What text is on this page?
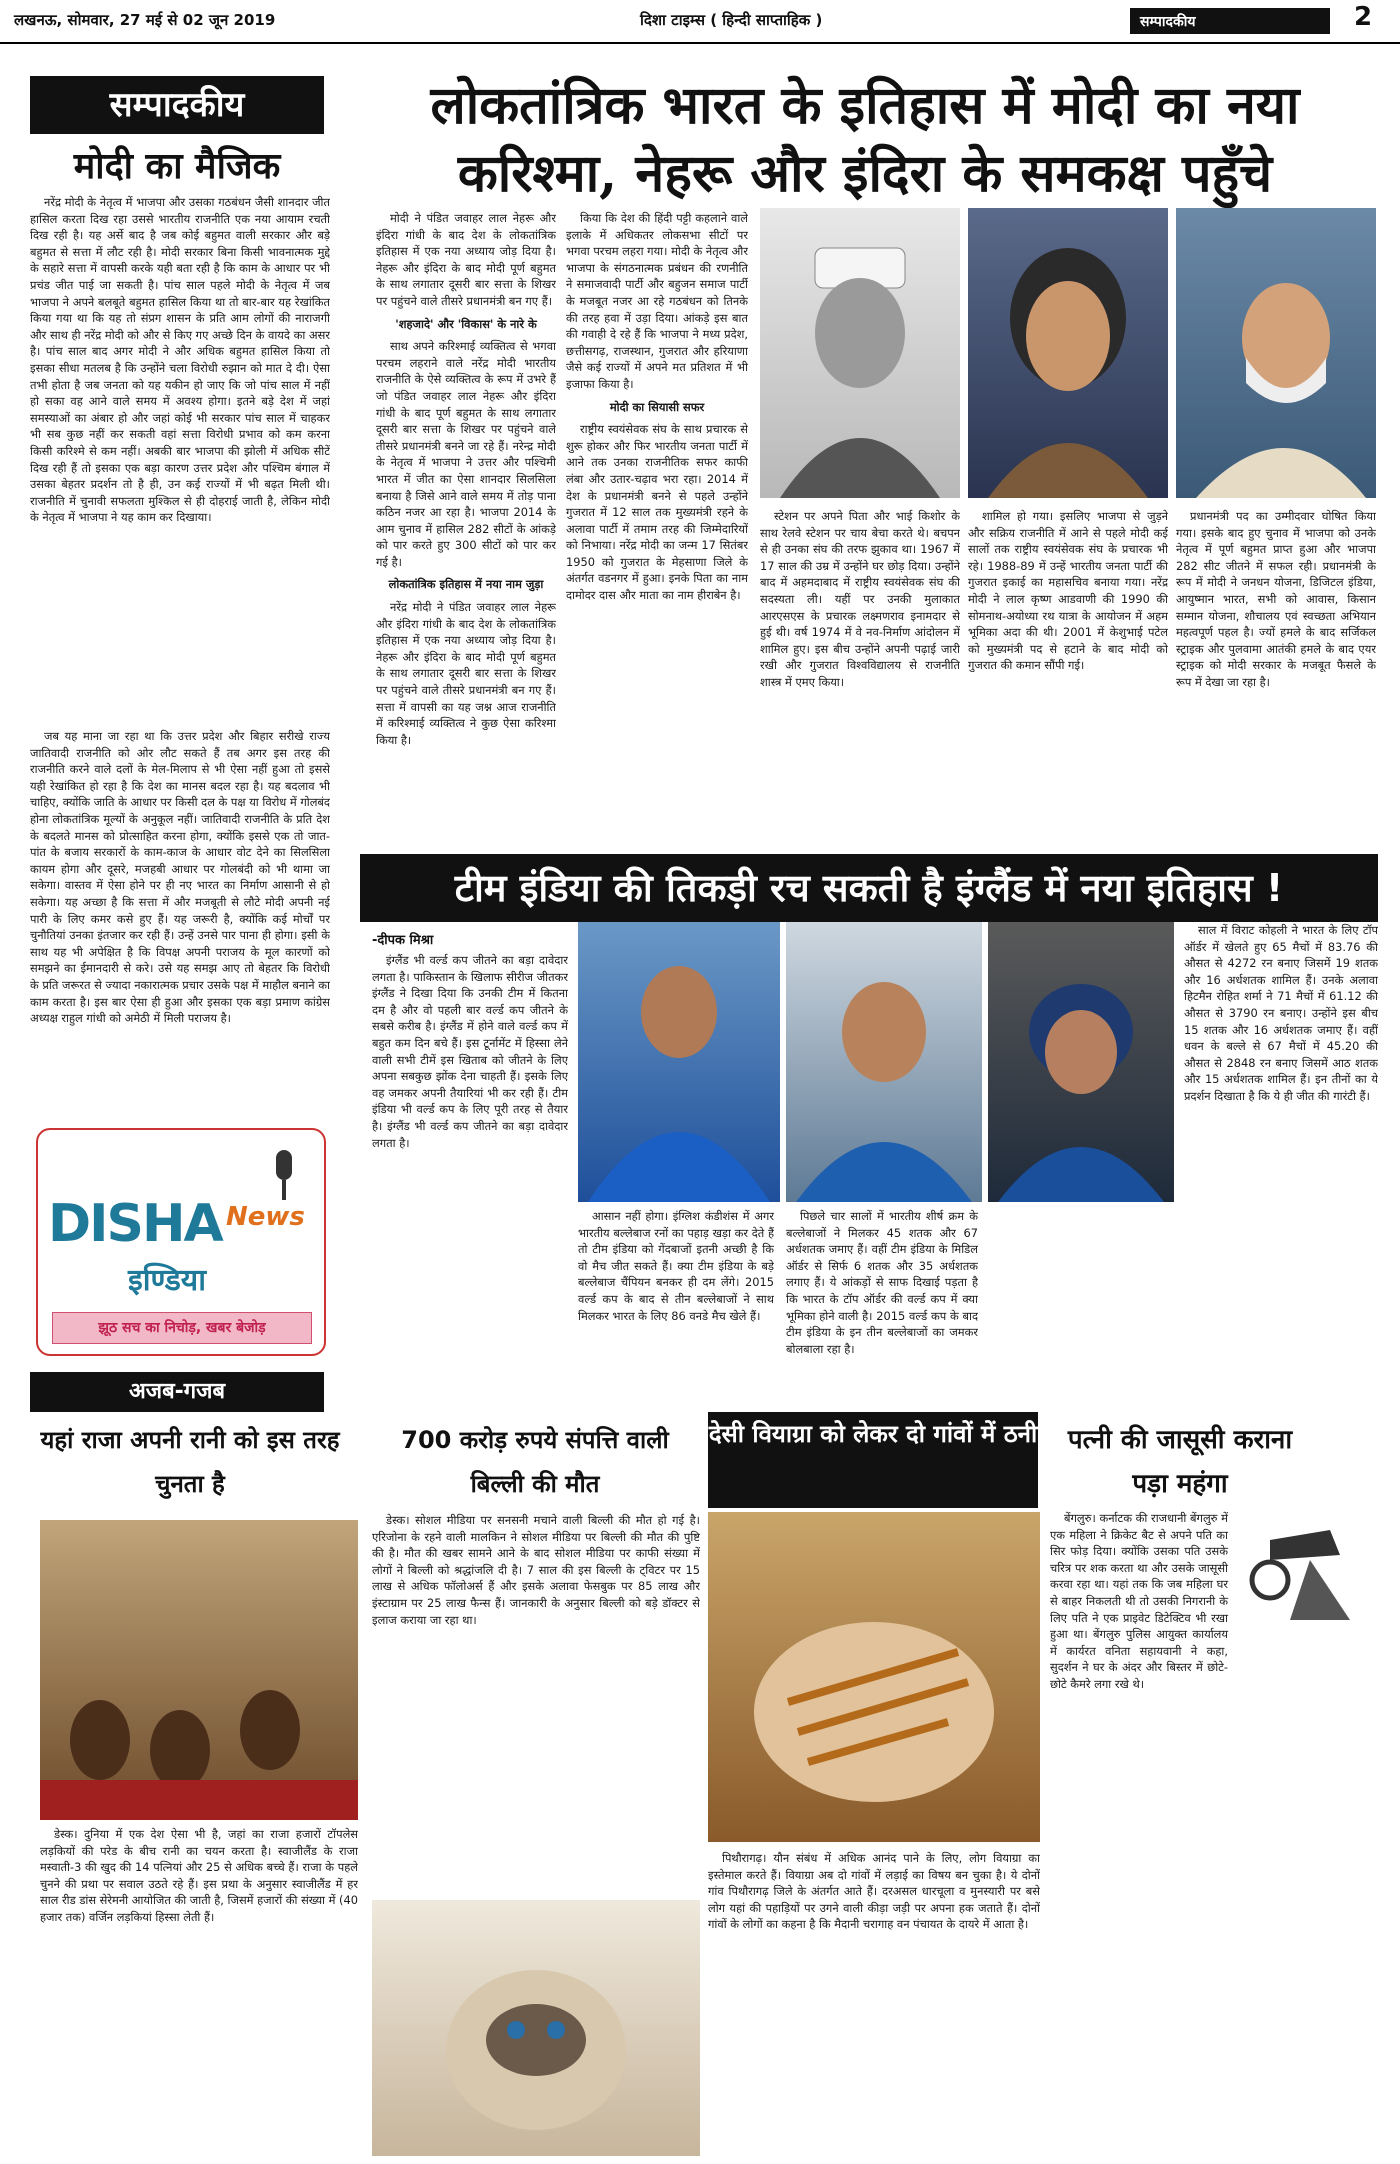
लखनऊ, सोमवार, 27 मई से 02 जून 2019	दिशा टाइम्स ( हिन्दी साप्ताहिक )	सम्पादकीय	2
सम्पादकीय
मोदी का मैजिक

नरेंद्र मोदी के नेतृत्व में भाजपा और उसका गठबंधन जैसी शानदार जीत हासिल करता दिख रहा उससे भारतीय राजनीति एक नया आयाम रचती दिख रही है। यह अर्से बाद है जब कोई बहुमत वाली सरकार और बड़े बहुमत से सत्ता में लौट रही है। मोदी सरकार बिना किसी भावनात्मक मुद्दे के सहारे सत्ता में वापसी करके यही बता रही है कि काम के आधार पर भी प्रचंड जीत पाई जा सकती है। पांच साल पहले मोदी के नेतृत्व में जब भाजपा ने अपने बलबूते बहुमत हासिल किया था तो बार-बार यह रेखांकित किया गया था कि यह तो संप्रग शासन के प्रति आम लोगों की नाराजगी और साथ ही नरेंद्र मोदी को और से किए गए अच्छे दिन के वायदे का असर है। पांच साल बाद अगर मोदी ने और अधिक बहुमत हासिल किया तो इसका सीधा मतलब है कि उन्होंने चला विरोधी रुझान को मात दे दी। ऐसा तभी होता है जब जनता को यह यकीन हो जाए कि जो पांच साल में नहीं हो सका वह आने वाले समय में अवश्य होगा। इतने बड़े देश में जहां समस्याओं का अंबार हो और जहां कोई भी सरकार पांच साल में चाहकर भी सब कुछ नहीं कर सकती वहां सत्ता विरोधी प्रभाव को कम करना किसी करिश्मे से कम नहीं। अबकी बार भाजपा की झोली में अधिक सीटें दिख रही हैं तो इसका एक बड़ा कारण उत्तर प्रदेश और पश्चिम बंगाल में उसका बेहतर प्रदर्शन तो है ही, उन कई राज्यों में भी बढ़त मिली थी। राजनीति में चुनावी सफलता मुश्किल से ही दोहराई जाती है, लेकिन मोदी के नेतृत्व में भाजपा ने यह काम कर दिखाया।

जब यह माना जा रहा था कि उत्तर प्रदेश और बिहार सरीखे राज्य जातिवादी राजनीति को ओर लौट सकते हैं तब अगर इस तरह की राजनीति करने वाले दलों के मेल-मिलाप से भी ऐसा नहीं हुआ तो इससे यही रेखांकित हो रहा है कि देश का मानस बदल रहा है। यह बदलाव भी चाहिए, क्योंकि जाति के आधार पर किसी दल के पक्ष या विरोध में गोलबंद होना लोकतांत्रिक मूल्यों के अनुकूल नहीं। जातिवादी राजनीति के प्रति देश के बदलते मानस को प्रोत्साहित करना होगा, क्योंकि इससे एक तो जात-पांत के बजाय सरकारों के काम-काज के आधार वोट देने का सिलसिला कायम होगा और दूसरे, मजहबी आधार पर गोलबंदी को भी थामा जा सकेगा। वास्तव में ऐसा होने पर ही नए भारत का निर्माण आसानी से हो सकेगा। यह अच्छा है कि सत्ता में और मजबूती से लौटे मोदी अपनी नई पारी के लिए कमर कसे हुए हैं। यह जरूरी है, क्योंकि कई मोर्चों पर चुनौतियां उनका इंतजार कर रही हैं। उन्हें उनसे पार पाना ही होगा। इसी के साथ यह भी अपेक्षित है कि विपक्ष अपनी पराजय के मूल कारणों को समझने का ईमानदारी से करे। उसे यह समझ आए तो बेहतर कि विरोधी के प्रति जरूरत से ज्यादा नकारात्मक प्रचार उसके पक्ष में माहौल बनाने का काम करता है। इस बार ऐसा ही हुआ और इसका एक बड़ा प्रमाण कांग्रेस अध्यक्ष राहुल गांधी को अमेठी में मिली पराजय है।

लोकतांत्रिक भारत के इतिहास में मोदी का नया करिश्मा, नेहरू और इंदिरा के समकक्ष पहुँचे

मोदी ने पंडित जवाहर लाल नेहरू और इंदिरा गांधी के बाद देश के लोकतांत्रिक इतिहास में एक नया अध्याय जोड़ दिया है। नेहरू और इंदिरा के बाद मोदी पूर्ण बहुमत के साथ लगातार दूसरी बार सत्ता के शिखर पर पहुंचने वाले तीसरे प्रधानमंत्री बन गए हैं।

'शहजादे' और 'विकास' के नारे के

साथ अपने करिश्माई व्यक्तित्व से भगवा परचम लहराने वाले नरेंद्र मोदी भारतीय राजनीति के ऐसे व्यक्तित्व के रूप में उभरे हैं जो पंडित जवाहर लाल नेहरू और इंदिरा गांधी के बाद पूर्ण बहुमत के साथ लगातार दूसरी बार सत्ता के शिखर पर पहुंचने वाले तीसरे प्रधानमंत्री बनने जा रहे हैं। नरेन्द्र मोदी के नेतृत्व में भाजपा ने उत्तर और पश्चिमी भारत में जीत का ऐसा शानदार सिलसिला बनाया है जिसे आने वाले समय में तोड़ पाना कठिन नजर आ रहा है। भाजपा 2014 के आम चुनाव में हासिल 282 सीटों के आंकड़े को पार करते हुए 300 सीटों को पार कर गई है।

लोकतांत्रिक इतिहास में नया नाम जुड़ा

नरेंद्र मोदी ने पंडित जवाहर लाल नेहरू और इंदिरा गांधी के बाद देश के लोकतांत्रिक इतिहास में एक नया अध्याय जोड़ दिया है। नेहरू और इंदिरा के बाद मोदी पूर्ण बहुमत के साथ लगातार दूसरी बार सत्ता के शिखर पर पहुंचने वाले तीसरे प्रधानमंत्री बन गए हैं। सत्ता में वापसी का यह जश्न आज राजनीति में करिश्माई व्यक्तित्व ने कुछ ऐसा करिश्मा किया है।

किया कि देश की हिंदी पट्टी कहलाने वाले इलाके में अधिकतर लोकसभा सीटों पर भगवा परचम लहरा गया। मोदी के नेतृत्व और भाजपा के संगठनात्मक प्रबंधन की रणनीति ने समाजवादी पार्टी और बहुजन समाज पार्टी के मजबूत नजर आ रहे गठबंधन को तिनके की तरह हवा में उड़ा दिया। आंकड़े इस बात की गवाही दे रहे हैं कि भाजपा ने मध्य प्रदेश, छत्तीसगढ़, राजस्थान, गुजरात और हरियाणा जैसे कई राज्यों में अपने मत प्रतिशत में भी इजाफा किया है।

मोदी का सियासी सफर

राष्ट्रीय स्वयंसेवक संघ के साथ प्रचारक से शुरू होकर और फिर भारतीय जनता पार्टी में आने तक उनका राजनीतिक सफर काफी लंबा और उतार-चढ़ाव भरा रहा। 2014 में देश के प्रधानमंत्री बनने से पहले उन्होंने गुजरात में 12 साल तक मुख्यमंत्री रहने के अलावा पार्टी में तमाम तरह की जिम्मेदारियों को निभाया। नरेंद्र मोदी का जन्म 17 सितंबर 1950 को गुजरात के मेहसाणा जिले के अंतर्गत वडनगर में हुआ। इनके पिता का नाम दामोदर दास और माता का नाम हीराबेन है।

स्टेशन पर अपने पिता और भाई किशोर के साथ रेलवे स्टेशन पर चाय बेचा करते थे। बचपन से ही उनका संघ की तरफ झुकाव था। 1967 में 17 साल की उम्र में उन्होंने घर छोड़ दिया। उन्होंने बाद में अहमदाबाद में राष्ट्रीय स्वयंसेवक संघ की सदस्यता ली। यहीं पर उनकी मुलाकात आरएसएस के प्रचारक लक्ष्मणराव इनामदार से हुई थी। वर्ष 1974 में वे नव-निर्माण आंदोलन में शामिल हुए। इस बीच उन्होंने अपनी पढ़ाई जारी रखी और गुजरात विश्वविद्यालय से राजनीति शास्त्र में एमए किया।

शामिल हो गया। इसलिए भाजपा से जुड़ने और सक्रिय राजनीति में आने से पहले मोदी कई सालों तक राष्ट्रीय स्वयंसेवक संघ के प्रचारक भी रहे। 1988-89 में उन्हें भारतीय जनता पार्टी की गुजरात इकाई का महासचिव बनाया गया। नरेंद्र मोदी ने लाल कृष्ण आडवाणी की 1990 की सोमनाथ-अयोध्या रथ यात्रा के आयोजन में अहम भूमिका अदा की थी। 2001 में केशुभाई पटेल को मुख्यमंत्री पद से हटाने के बाद मोदी को गुजरात की कमान सौंपी गई।

प्रधानमंत्री पद का उम्मीदवार घोषित किया गया। इसके बाद हुए चुनाव में भाजपा को उनके नेतृत्व में पूर्ण बहुमत प्राप्त हुआ और भाजपा 282 सीट जीतने में सफल रही। प्रधानमंत्री के रूप में मोदी ने जनधन योजना, डिजिटल इंडिया, आयुष्मान भारत, सभी को आवास, किसान सम्मान योजना, शौचालय एवं स्वच्छता अभियान महत्वपूर्ण पहल है। ज्यों हमले के बाद सर्जिकल स्ट्राइक और पुलवामा आतंकी हमले के बाद एयर स्ट्राइक को मोदी सरकार के मजबूत फैसले के रूप में देखा जा रहा है।

टीम इंडिया की तिकड़ी रच सकती है इंग्लैंड में नया इतिहास !
-दीपक मिश्रा

इंग्लैंड भी वर्ल्ड कप जीतने का बड़ा दावेदार लगता है। पाकिस्तान के खिलाफ सीरीज जीतकर इंग्लैंड ने दिखा दिया कि उनकी टीम में कितना दम है और वो पहली बार वर्ल्ड कप जीतने के सबसे करीब है। इंग्लैंड में होने वाले वर्ल्ड कप में बहुत कम दिन बचे हैं। इस टूर्नामेंट में हिस्सा लेने वाली सभी टीमें इस खिताब को जीतने के लिए अपना सबकुछ झोंक देना चाहती हैं। इसके लिए वह जमकर अपनी तैयारियां भी कर रही हैं। टीम इंडिया भी वर्ल्ड कप के लिए पूरी तरह से तैयार है। इंग्लैंड भी वर्ल्ड कप जीतने का बड़ा दावेदार लगता है।

आसान नहीं होगा। इंग्लिश कंडीशंस में अगर भारतीय बल्लेबाज रनों का पहाड़ खड़ा कर देते हैं तो टीम इंडिया को गेंदबाजों इतनी अच्छी है कि वो मैच जीत सकते हैं। क्या टीम इंडिया के बड़े बल्लेबाज चैंपियन बनकर ही दम लेंगे। 2015 वर्ल्ड कप के बाद से तीन बल्लेबाजों ने साथ मिलकर भारत के लिए 86 वनडे मैच खेले हैं।

पिछले चार सालों में भारतीय शीर्ष क्रम के बल्लेबाजों ने मिलकर 45 शतक और 67 अर्धशतक जमाए हैं। वहीं टीम इंडिया के मिडिल ऑर्डर से सिर्फ 6 शतक और 35 अर्धशतक लगाए हैं। ये आंकड़ों से साफ दिखाई पड़ता है कि भारत के टॉप ऑर्डर की वर्ल्ड कप में क्या भूमिका होने वाली है। 2015 वर्ल्ड कप के बाद टीम इंडिया के इन तीन बल्लेबाजों का जमकर बोलबाला रहा है।

साल में विराट कोहली ने भारत के लिए टॉप ऑर्डर में खेलते हुए 65 मैचों में 83.76 की औसत से 4272 रन बनाए जिसमें 19 शतक और 16 अर्धशतक शामिल हैं। उनके अलावा हिटमैन रोहित शर्मा ने 71 मैचों में 61.12 की औसत से 3790 रन बनाए। उन्होंने इस बीच 15 शतक और 16 अर्धशतक जमाए हैं। वहीं धवन के बल्ले से 67 मैचों में 45.20 की औसत से 2848 रन बनाए जिसमें आठ शतक और 15 अर्धशतक शामिल हैं। इन तीनों का ये प्रदर्शन दिखाता है कि ये ही जीत की गारंटी हैं।

DISHA News
इण्डिया
झूठ सच का निचोड़, खबर बेजोड़
अजब-गजब
यहां राजा अपनी रानी को इस तरह चुनता है

डेस्क। दुनिया में एक देश ऐसा भी है, जहां का राजा हजारों टॉपलेस लड़कियों की परेड के बीच रानी का चयन करता है। स्वाजीलैंड के राजा मस्वाती-3 की खुद की 14 पत्नियां और 25 से अधिक बच्चे हैं। राजा के पहले चुनने की प्रथा पर सवाल उठते रहे हैं। इस प्रथा के अनुसार स्वाजीलैंड में हर साल रीड डांस सेरेमनी आयोजित की जाती है, जिसमें हजारों की संख्या में (40 हजार तक) वर्जिन लड़कियां हिस्सा लेती हैं।

700 करोड़ रुपये संपत्ति वाली बिल्ली की मौत

डेस्क। सोशल मीडिया पर सनसनी मचाने वाली बिल्ली की मौत हो गई है। एरिजोना के रहने वाली मालकिन ने सोशल मीडिया पर बिल्ली की मौत की पुष्टि की है। मौत की खबर सामने आने के बाद सोशल मीडिया पर काफी संख्या में लोगों ने बिल्ली को श्रद्धांजलि दी है। 7 साल की इस बिल्ली के ट्विटर पर 15 लाख से अधिक फॉलोअर्स हैं और इसके अलावा फेसबुक पर 85 लाख और इंस्टाग्राम पर 25 लाख फैन्स हैं। जानकारी के अनुसार बिल्ली को बड़े डॉक्टर से इलाज कराया जा रहा था।

देसी वियाग्रा को लेकर दो गांवों में ठनी

पिथौरागढ़। यौन संबंध में अधिक आनंद पाने के लिए, लोग वियाग्रा का इस्तेमाल करते हैं। वियाग्रा अब दो गांवों में लड़ाई का विषय बन चुका है। ये दोनों गांव पिथौरागढ़ जिले के अंतर्गत आते हैं। दरअसल धारचूला व मुनस्यारी पर बसे लोग यहां की पहाड़ियों पर उगने वाली कीड़ा जड़ी पर अपना हक जताते हैं। दोनों गांवों के लोगों का कहना है कि मैदानी चरागाह वन पंचायत के दायरे में आता है।

पत्नी की जासूसी कराना पड़ा महंगा

बेंगलुरु। कर्नाटक की राजधानी बेंगलुरु में एक महिला ने क्रिकेट बैट से अपने पति का सिर फोड़ दिया। क्योंकि उसका पति उसके चरित्र पर शक करता था और उसके जासूसी करवा रहा था। यहां तक कि जब महिला घर से बाहर निकलती थी तो उसकी निगरानी के लिए पति ने एक प्राइवेट डिटेक्टिव भी रखा हुआ था। बेंगलुरु पुलिस आयुक्त कार्यालय में कार्यरत वनिता सहायवानी ने कहा, सुदर्शन ने घर के अंदर और बिस्तर में छोटे-छोटे कैमरे लगा रखे थे।
